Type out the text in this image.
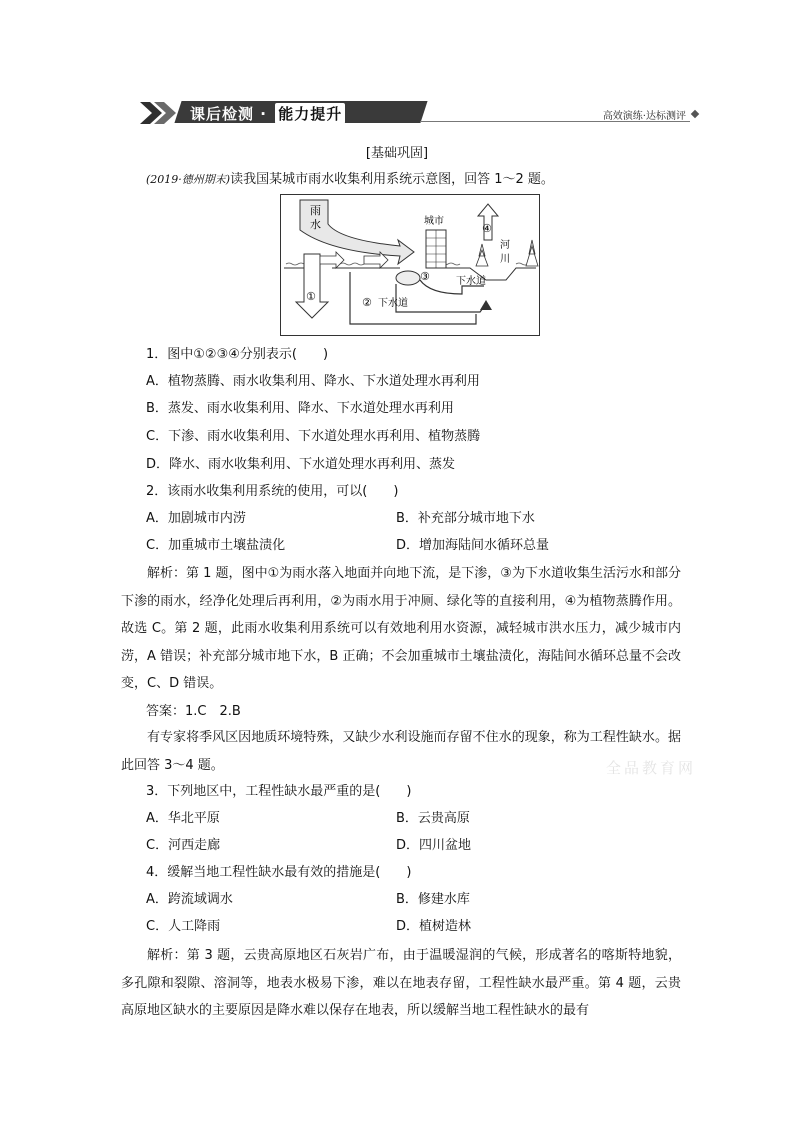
课后检测 · 能力提升	高效演练·达标测评
[基础巩固]
(2019·德州期末)读我国某城市雨水收集利用系统示意图，回答 1～2 题。
雨
水	城市
河
川
下水道
下水道
①	②
③
④
1．图中①②③④分别表示(　　)
A．植物蒸腾、雨水收集利用、降水、下水道处理水再利用
B．蒸发、雨水收集利用、降水、下水道处理水再利用
C．下渗、雨水收集利用、下水道处理水再利用、植物蒸腾
D．降水、雨水收集利用、下水道处理水再利用、蒸发
2．该雨水收集利用系统的使用，可以(　　)
A．加剧城市内涝	B．补充部分城市地下水
C．加重城市土壤盐渍化	D．增加海陆间水循环总量
解析：第 1 题，图中①为雨水落入地面并向地下流，是下渗，③为下水道收集生活污水和部分下渗的雨水，经净化处理后再利用，②为雨水用于冲厕、绿化等的直接利用，④为植物蒸腾作用。故选 C。第 2 题，此雨水收集利用系统可以有效地利用水资源，减轻城市洪水压力，减少城市内涝，A 错误；补充部分城市地下水，B 正确；不会加重城市土壤盐渍化，海陆间水循环总量不会改变，C、D 错误。
答案：1.C　2.B
有专家将季风区因地质环境特殊，又缺少水利设施而存留不住水的现象，称为工程性缺水。据此回答 3～4 题。	全品教育网
3．下列地区中，工程性缺水最严重的是(　　)
A．华北平原	B．云贵高原
C．河西走廊	D．四川盆地
4．缓解当地工程性缺水最有效的措施是(　　)
A．跨流域调水	B．修建水库
C．人工降雨	D．植树造林
解析：第 3 题，云贵高原地区石灰岩广布，由于温暖湿润的气候，形成著名的喀斯特地貌，多孔隙和裂隙、溶洞等，地表水极易下渗，难以在地表存留，工程性缺水最严重。第 4 题，云贵高原地区缺水的主要原因是降水难以保存在地表，所以缓解当地工程性缺水的最有
